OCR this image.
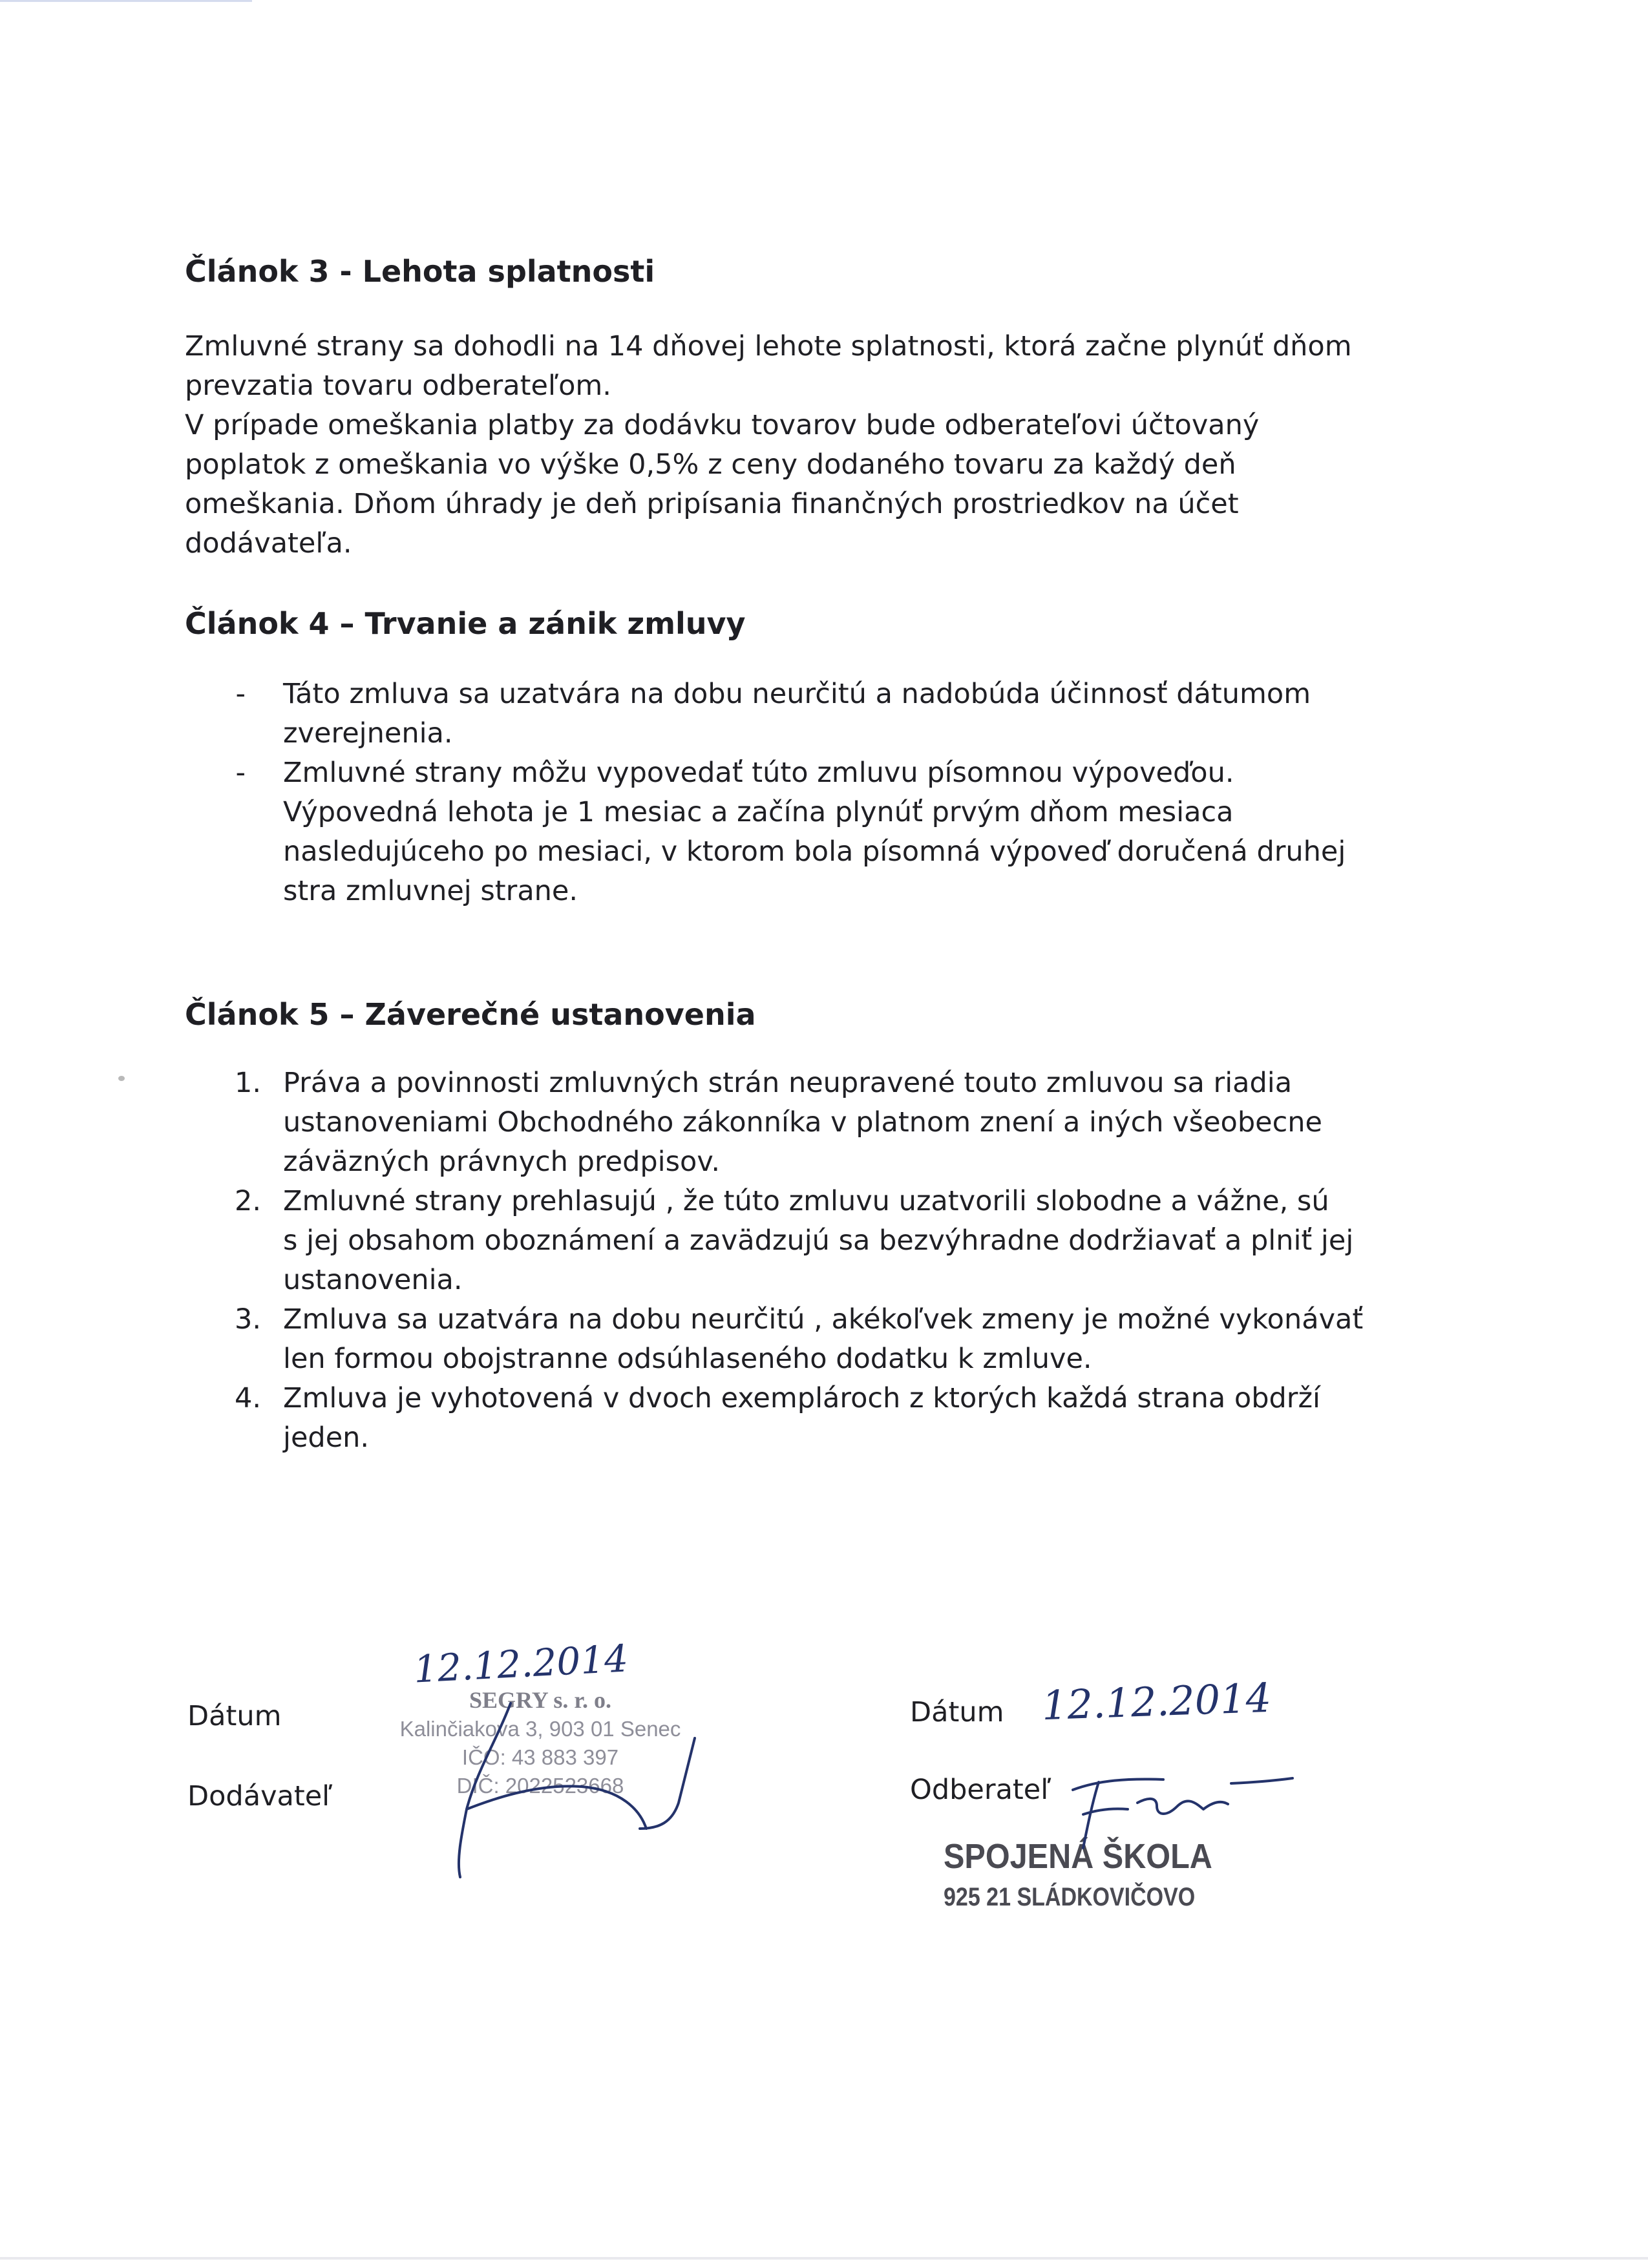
Článok 3 - Lehota splatnosti

Zmluvné strany sa dohodli na 14 dňovej lehote splatnosti, ktorá začne plynúť dňom
prevzatia tovaru odberateľom.
V prípade omeškania platby za dodávku tovarov bude odberateľovi účtovaný
poplatok z omeškania vo výške 0,5% z ceny dodaného tovaru za každý deň
omeškania. Dňom úhrady je deň pripísania finančných prostriedkov na účet
dodávateľa.

Článok 4 – Trvanie a zánik zmluvy
- Táto zmluva sa uzatvára na dobu neurčitú a nadobúda účinnosť dátumom
zverejnenia.
- Zmluvné strany môžu vypovedať túto zmluvu písomnou výpoveďou.
Výpovedná lehota je 1 mesiac a začína plynúť prvým dňom mesiaca
nasledujúceho po mesiaci, v ktorom bola písomná výpoveď doručená druhej
stra zmluvnej strane.
Článok 5 – Záverečné ustanovenia
1. Práva a povinnosti zmluvných strán neupravené touto zmluvou sa riadia
ustanoveniami Obchodného zákonníka v platnom znení a iných všeobecne
záväzných právnych predpisov.
2. Zmluvné strany prehlasujú , že túto zmluvu uzatvorili slobodne a vážne, sú
s jej obsahom oboznámení a zavädzujú sa bezvýhradne dodržiavať a plniť jej
ustanovenia.
3. Zmluva sa uzatvára na dobu neurčitú , akékoľvek zmeny je možné vykonávať
len formou obojstranne odsúhlaseného dodatku k zmluve.
4. Zmluva je vyhotovená v dvoch exemplároch z ktorých každá strana obdrží
jeden.

Dátum

Dodávateľ

12.12.2014

SEGRY s. r. o.

Kalinčiakova 3, 903 01 Senec

IČO: 43 883 397

DIČ: 2022523668

Dátum

Odberateľ

12.12.2014

SPOJENÁ ŠKOLA

925 21 SLÁDKOVIČOVO
